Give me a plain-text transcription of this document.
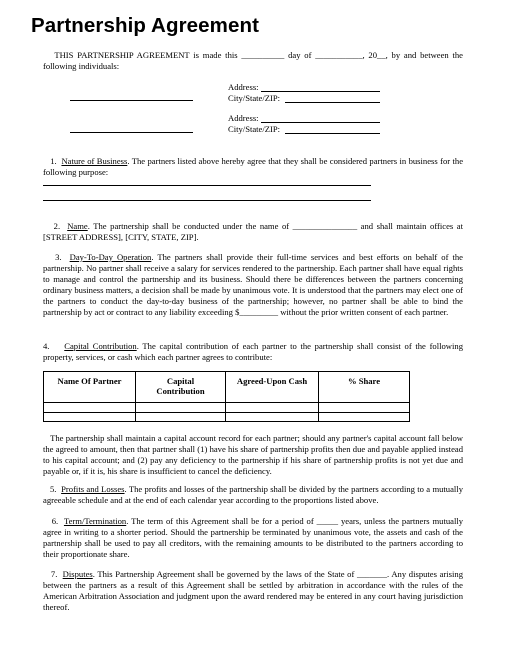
Partnership Agreement

THIS PARTNERSHIP AGREEMENT is made this __________ day of ___________, 20__, by and between the following individuals:

Address:
City/State/ZIP:
Address:
City/State/ZIP:

1. Nature of Business. The partners listed above hereby agree that they shall be considered partners in business for the following purpose:

2. Name. The partnership shall be conducted under the name of _______________ and shall maintain offices at [STREET ADDRESS], [CITY, STATE, ZIP].

3. Day-To-Day Operation. The partners shall provide their full-time services and best efforts on behalf of the partnership. No partner shall receive a salary for services rendered to the partnership. Each partner shall have equal rights to manage and control the partnership and its business. Should there be differences between the partners concerning ordinary business matters, a decision shall be made by unanimous vote. It is understood that the partners may elect one of the partners to conduct the day-to-day business of the partnership; however, no partner shall be able to bind the partnership by act or contract to any liability exceeding $_________ without the prior written consent of each partner.

4. Capital Contribution. The capital contribution of each partner to the partnership shall consist of the following property, services, or cash which each partner agrees to contribute:

Name Of Partner	Capital Contribution	Agreed-Upon Cash	% Share

The partnership shall maintain a capital account record for each partner; should any partner's capital account fall below the agreed to amount, then that partner shall (1) have his share of partnership profits then due and payable applied instead to his capital account; and (2) pay any deficiency to the partnership if his share of partnership profits is not yet due and payable or, if it is, his share is insufficient to cancel the deficiency.

5. Profits and Losses. The profits and losses of the partnership shall be divided by the partners according to a mutually agreeable schedule and at the end of each calendar year according to the proportions listed above.

6. Term/Termination. The term of this Agreement shall be for a period of _____ years, unless the partners mutually agree in writing to a shorter period. Should the partnership be terminated by unanimous vote, the assets and cash of the partnership shall be used to pay all creditors, with the remaining amounts to be distributed to the partners according to their proportionate share.

7. Disputes. This Partnership Agreement shall be governed by the laws of the State of _______. Any disputes arising between the partners as a result of this Agreement shall be settled by arbitration in accordance with the rules of the American Arbitration Association and judgment upon the award rendered may be entered in any court having jurisdiction thereof.
